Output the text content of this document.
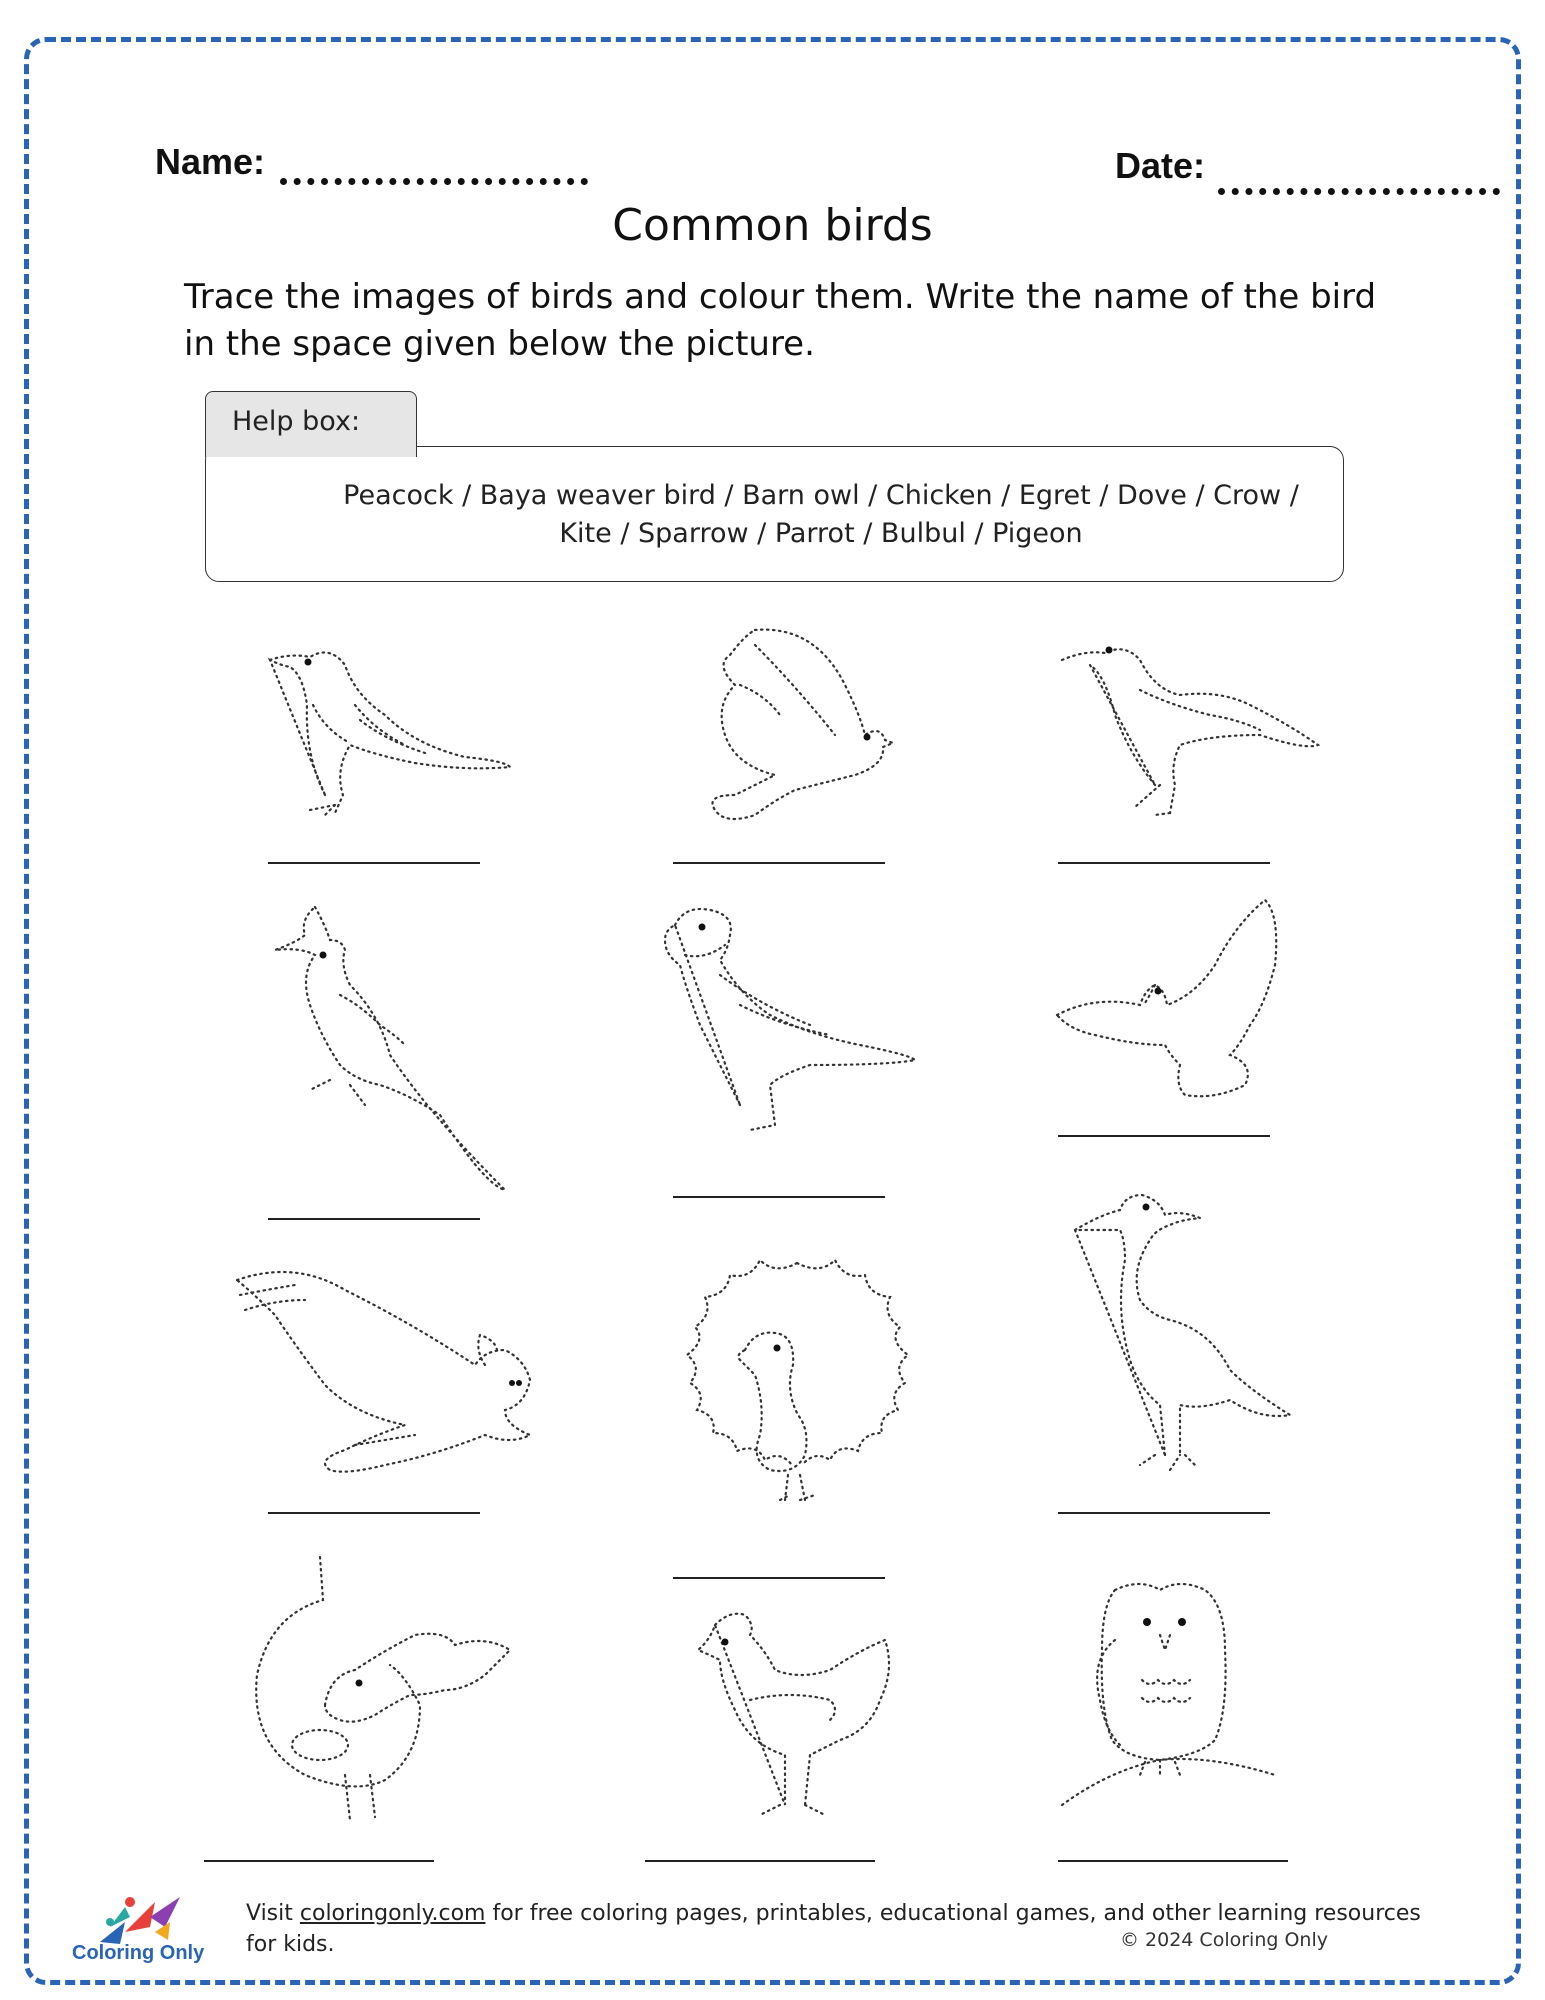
Name:	Date:
Common birds
Trace the images of birds and colour them. Write the name of the bird in the space given below the picture.
Peacock / Baya weaver bird / Barn owl / Chicken / Egret / Dove / Crow /
Kite / Sparrow / Parrot / Bulbul / Pigeon
Help box:
Coloring Only
Visit coloringonly.com for free coloring pages, printables, educational games, and other learning resources for kids.	© 2024 Coloring Only
